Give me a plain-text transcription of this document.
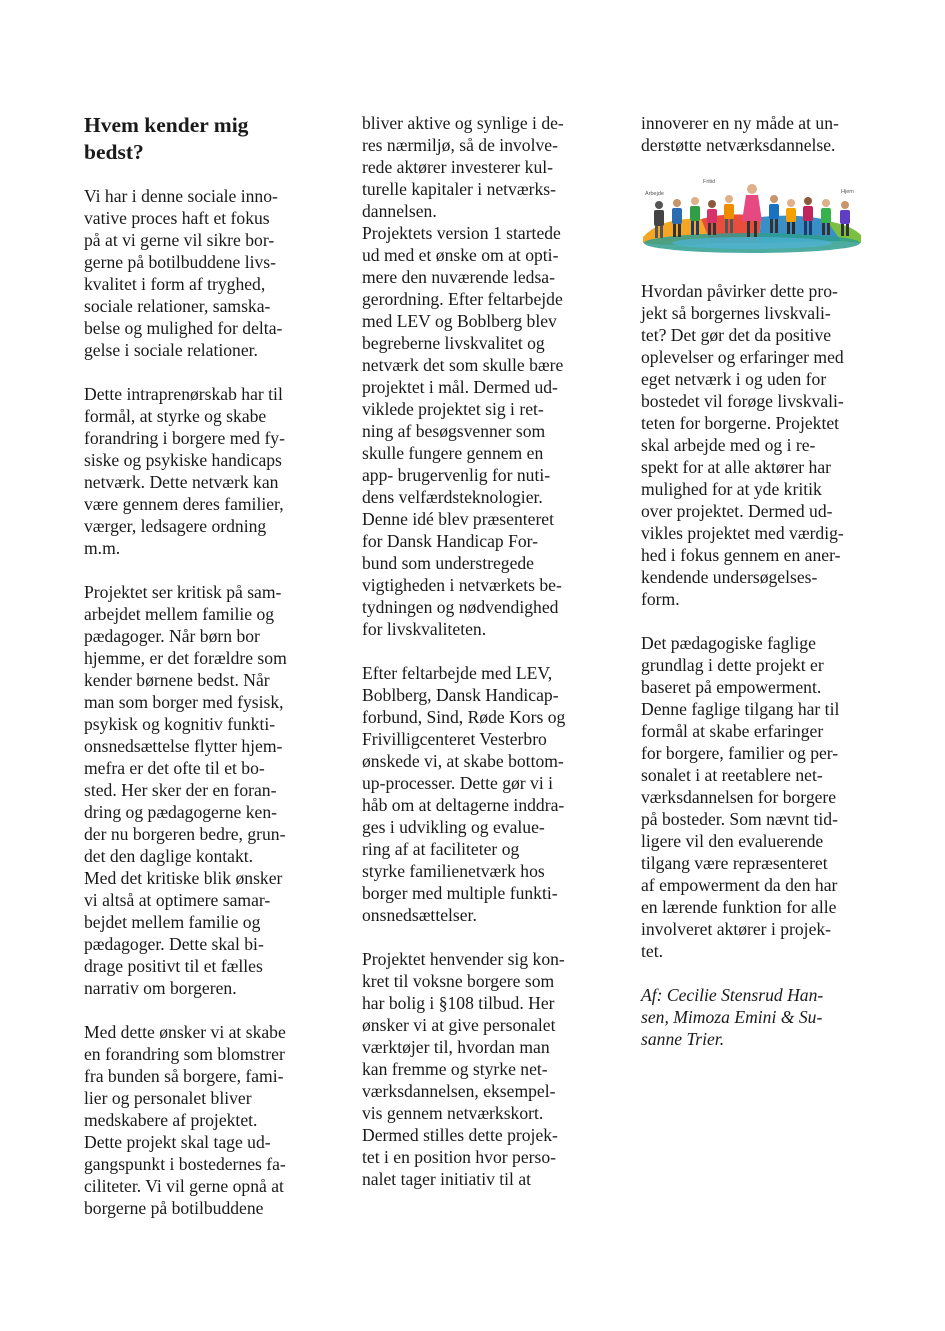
Hvem kender mig
bedst?
Vi har i denne sociale inno-
vative proces haft et fokus
på at vi gerne vil sikre bor-
gerne på botilbuddene livs-
kvalitet i form af tryghed,
sociale relationer, samska-
belse og mulighed for delta-
gelse i sociale relationer.
Dette intraprenørskab har til
formål, at styrke og skabe
forandring i borgere med fy-
siske og psykiske handicaps
netværk. Dette netværk kan
være gennem deres familier,
værger, ledsagere ordning
m.m.
Projektet ser kritisk på sam-
arbejdet mellem familie og
pædagoger. Når børn bor
hjemme, er det forældre som
kender børnene bedst. Når
man som borger med fysisk,
psykisk og kognitiv funkti-
onsnedsættelse flytter hjem-
mefra er det ofte til et bo-
sted. Her sker der en foran-
dring og pædagogerne ken-
der nu borgeren bedre, grun-
det den daglige kontakt.
Med det kritiske blik ønsker
vi altså at optimere samar-
bejdet mellem familie og
pædagoger. Dette skal bi-
drage positivt til et fælles
narrativ om borgeren.
Med dette ønsker vi at skabe
en forandring som blomstrer
fra bunden så borgere, fami-
lier og personalet bliver
medskabere af projektet.
Dette projekt skal tage ud-
gangspunkt i bostedernes fa-
ciliteter. Vi vil gerne opnå at
borgerne på botilbuddene
bliver aktive og synlige i de-
res nærmiljø, så de involve-
rede aktører investerer kul-
turelle kapitaler i netværks-
dannelsen.
Projektets version 1 startede
ud med et ønske om at opti-
mere den nuværende ledsa-
gerordning. Efter feltarbejde
med LEV og Boblberg blev
begreberne livskvalitet og
netværk det som skulle bære
projektet i mål. Dermed ud-
viklede projektet sig i ret-
ning af besøgsvenner som
skulle fungere gennem en
app- brugervenlig for nuti-
dens velfærdsteknologier.
Denne idé blev præsenteret
for Dansk Handicap For-
bund som understregede
vigtigheden i netværkets be-
tydningen og nødvendighed
for livskvaliteten.
Efter feltarbejde med LEV,
Boblberg, Dansk Handicap-
forbund, Sind, Røde Kors og
Frivilligcenteret Vesterbro
ønskede vi, at skabe bottom-
up-processer. Dette gør vi i
håb om at deltagerne inddra-
ges i udvikling og evalue-
ring af at faciliteter og
styrke familienetværk hos
borger med multiple funkti-
onsnedsættelser.
Projektet henvender sig kon-
kret til voksne borgere som
har bolig i §108 tilbud. Her
ønsker vi at give personalet
værktøjer til, hvordan man
kan fremme og styrke net-
værksdannelsen, eksempel-
vis gennem netværkskort.
Dermed stilles dette projek-
tet i en position hvor perso-
nalet tager initiativ til at
innoverer en ny måde at un-
derstøtte netværksdannelse.
Arbejde
Fritid
Hjem
Hvordan påvirker dette pro-
jekt så borgernes livskvali-
tet? Det gør det da positive
oplevelser og erfaringer med
eget netværk i og uden for
bostedet vil forøge livskvali-
teten for borgerne. Projektet
skal arbejde med og i re-
spekt for at alle aktører har
mulighed for at yde kritik
over projektet. Dermed ud-
vikles projektet med værdig-
hed i fokus gennem en aner-
kendende undersøgelses-
form.
Det pædagogiske faglige
grundlag i dette projekt er
baseret på empowerment.
Denne faglige tilgang har til
formål at skabe erfaringer
for borgere, familier og per-
sonalet i at reetablere net-
værksdannelsen for borgere
på bosteder. Som nævnt tid-
ligere vil den evaluerende
tilgang være repræsenteret
af empowerment da den har
en lærende funktion for alle
involveret aktører i projek-
tet.
Af: Cecilie Stensrud Han-
sen, Mimoza Emini & Su-
sanne Trier.
